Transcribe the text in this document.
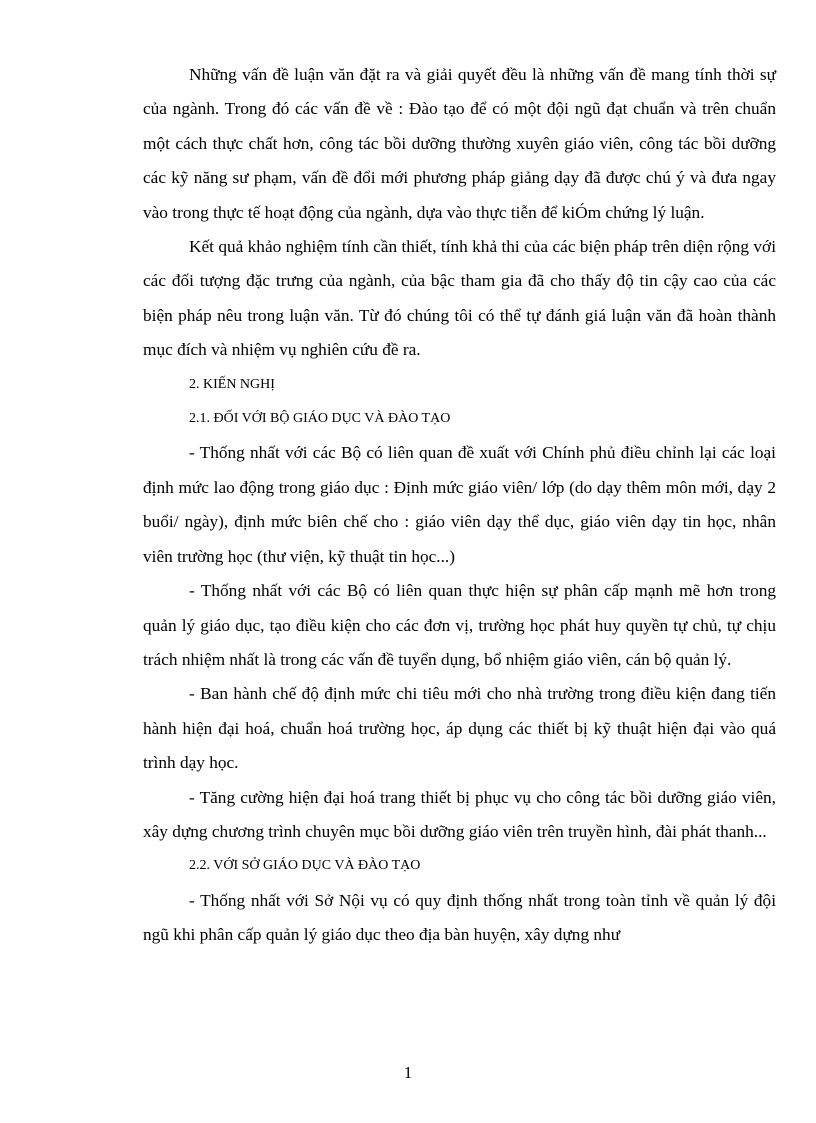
Những vấn đề luận văn đặt ra và giải quyết đều là những vấn đề mang tính thời sự của ngành. Trong đó các vấn đề về : Đào tạo để có một đội ngũ đạt chuẩn và trên chuẩn một cách thực chất hơn, công tác bồi dưỡng thường xuyên giáo viên, công tác bồi dưỡng các kỹ năng sư phạm, vấn đề đổi mới phương pháp giảng dạy đã được chú ý và đưa ngay vào trong thực tế hoạt động của ngành, dựa vào thực tiễn để kiÓm chứng lý luận.

Kết quả khảo nghiệm tính cần thiết, tính khả thi của các biện pháp trên diện rộng với các đối tượng đặc trưng của ngành, của bậc tham gia đã cho thấy độ tin cậy cao của các biện pháp nêu trong luận văn. Từ đó chúng tôi có thể tự đánh giá luận văn đã hoàn thành mục đích và nhiệm vụ nghiên cứu đề ra.

2. KIẾN NGHỊ

2.1. ĐỐI VỚI BỘ GIÁO DỤC VÀ ĐÀO TẠO

- Thống nhất với các Bộ có liên quan đề xuất với Chính phủ điều chỉnh lại các loại định mức lao động trong giáo dục : Định mức giáo viên/ lớp (do dạy thêm môn mới, dạy 2 buổi/ ngày), định mức biên chế cho : giáo viên dạy thể dục, giáo viên dạy tin học, nhân viên trường học (thư viện, kỹ thuật tin học...)

- Thống nhất với các Bộ có liên quan thực hiện sự phân cấp mạnh mẽ hơn trong quản lý giáo dục, tạo điều kiện cho các đơn vị, trường học phát huy quyền tự chủ, tự chịu trách nhiệm nhất là trong các vấn đề tuyển dụng, bổ nhiệm giáo viên, cán bộ quản lý.

- Ban hành chế độ định mức chi tiêu mới cho nhà trường trong điều kiện đang tiến hành hiện đại hoá, chuẩn hoá trường học, áp dụng các thiết bị kỹ thuật hiện đại vào quá trình dạy học.

- Tăng cường hiện đại hoá trang thiết bị phục vụ cho công tác bồi dưỡng giáo viên, xây dựng chương trình chuyên mục bồi dưỡng giáo viên trên truyền hình, đài phát thanh...

2.2. VỚI SỞ GIÁO DỤC VÀ ĐÀO TẠO

- Thống nhất với Sở Nội vụ có quy định thống nhất trong toàn tỉnh về quản lý đội ngũ khi phân cấp quản lý giáo dục theo địa bàn huyện, xây dựng như

1
